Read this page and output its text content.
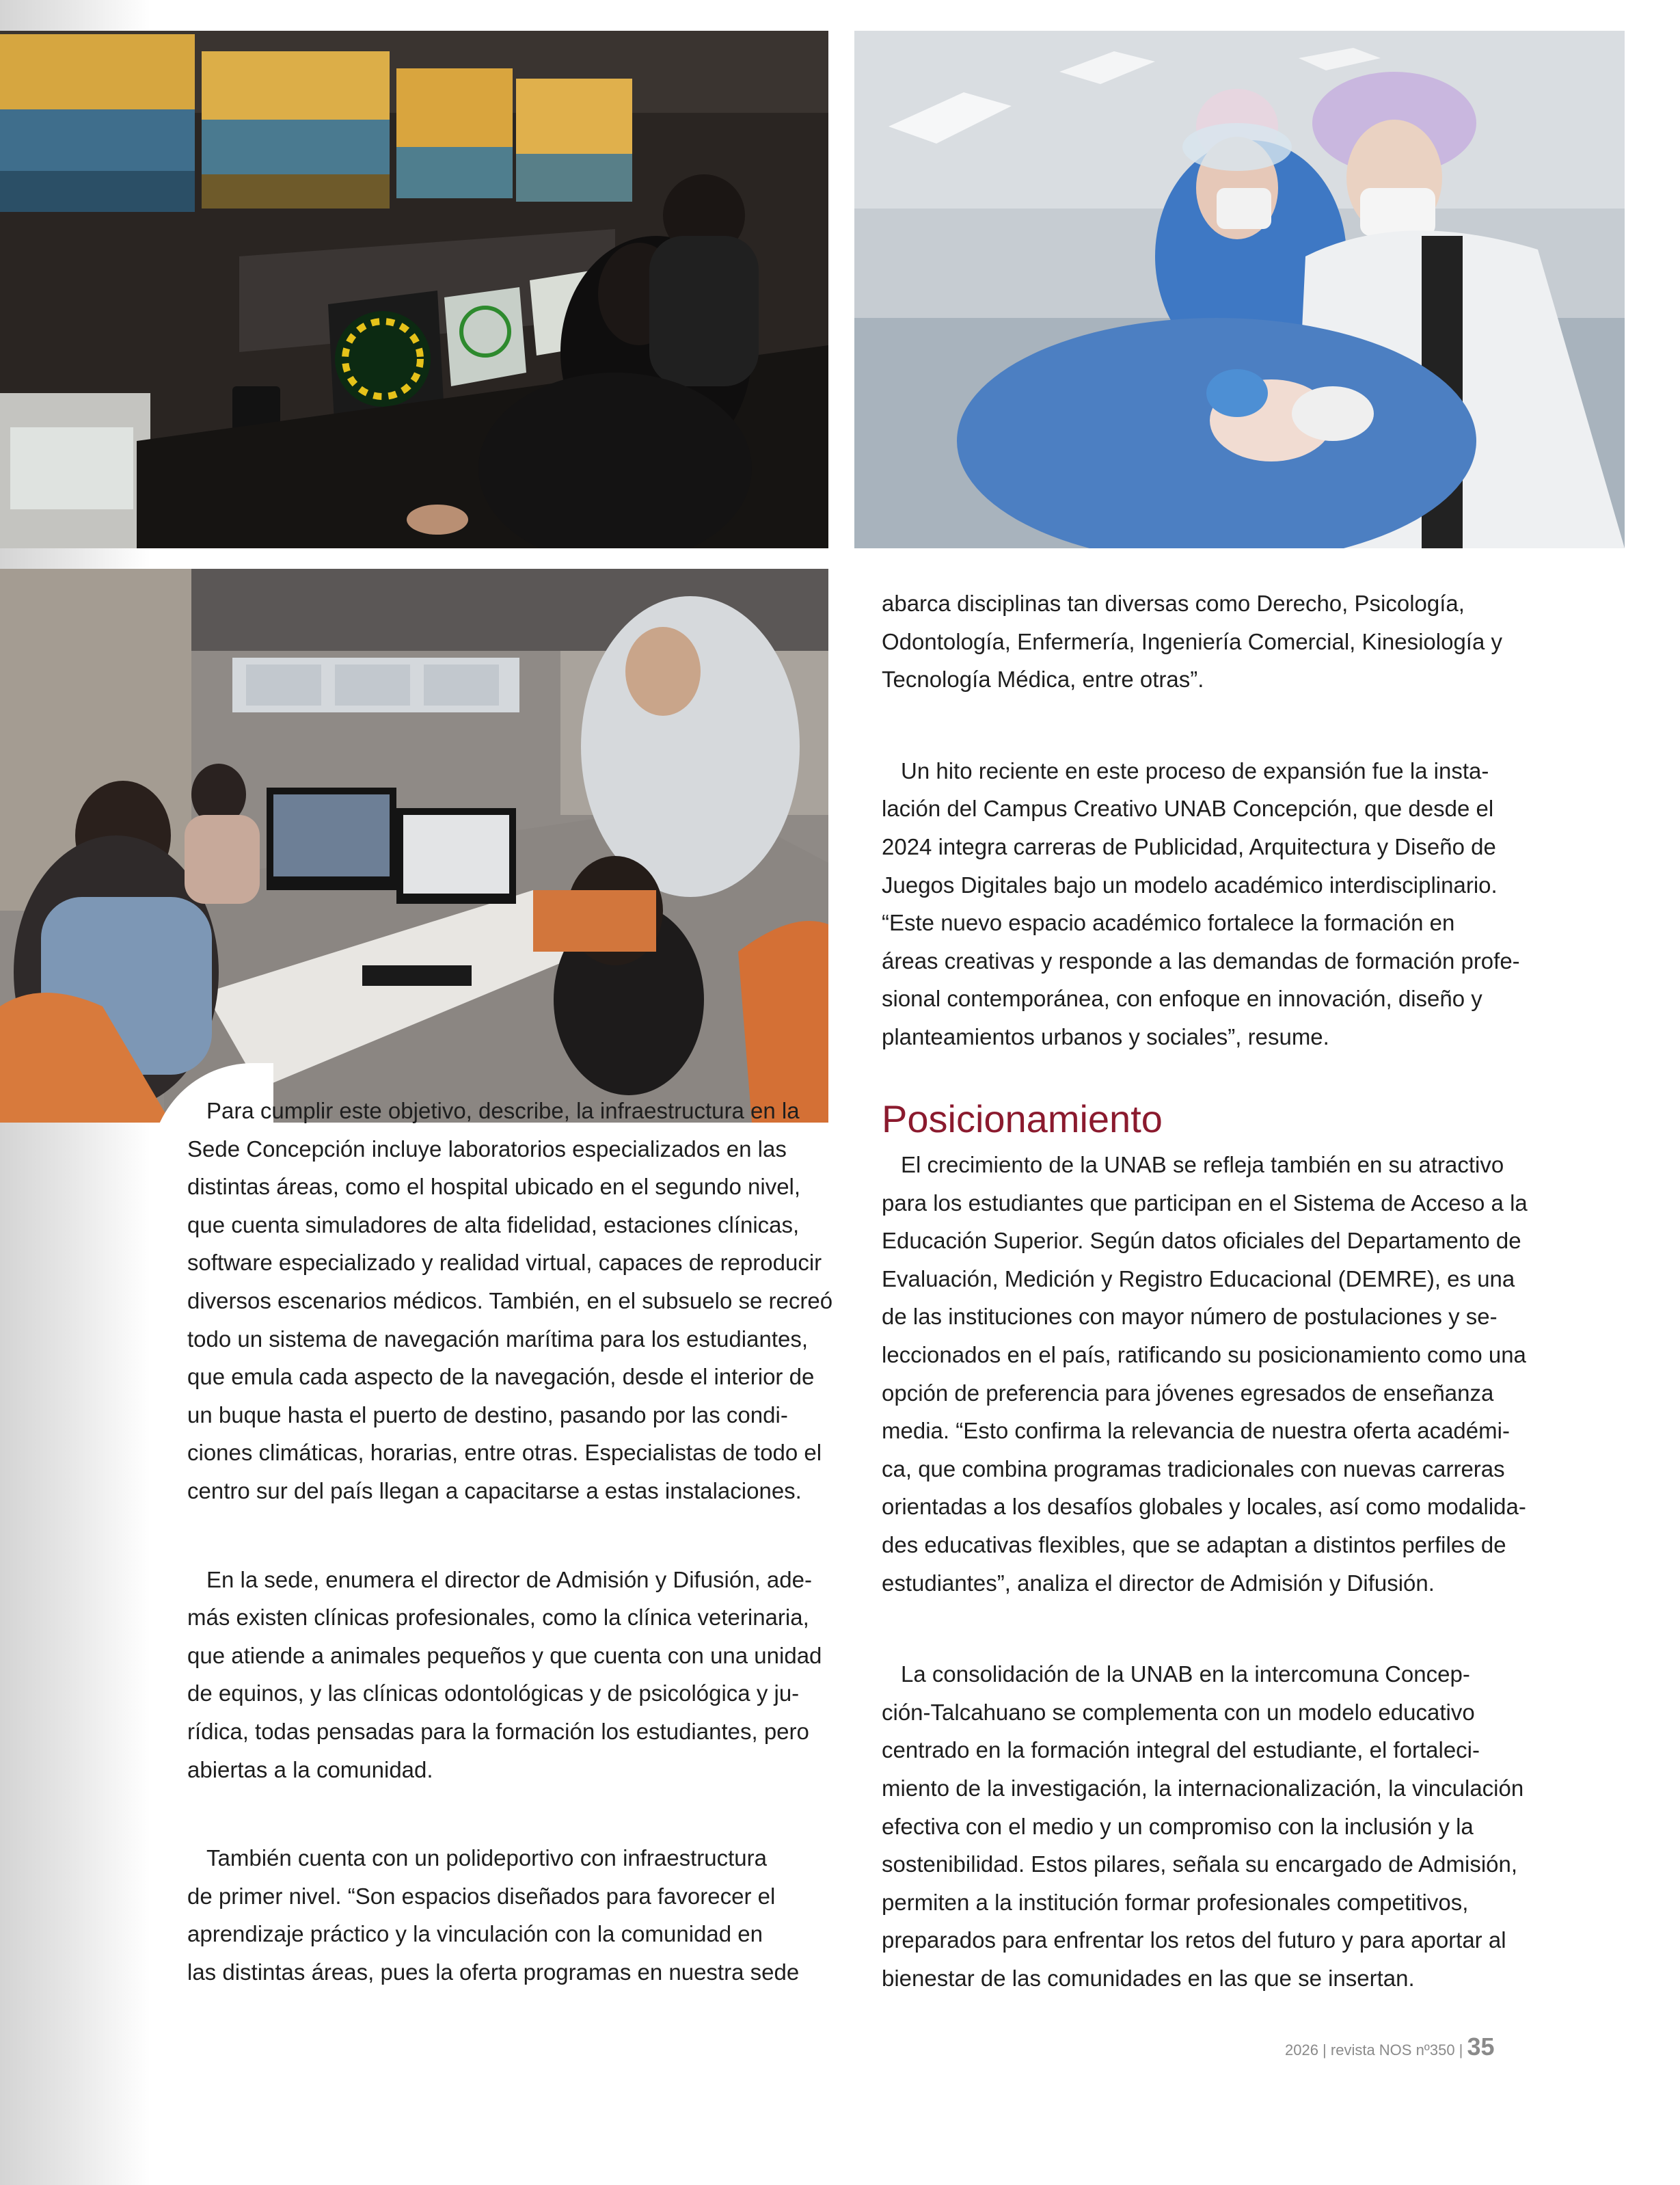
Para cumplir este objetivo, describe, la infraestructura en la

Sede Concepción incluye laboratorios especializados en las

distintas áreas, como el hospital ubicado en el segundo nivel,

que cuenta simuladores de alta fidelidad, estaciones clínicas,

software especializado y realidad virtual, capaces de reproducir

diversos escenarios médicos. También, en el subsuelo se recreó

todo un sistema de navegación marítima para los estudiantes,

que emula cada aspecto de la navegación, desde el interior de

un buque hasta el puerto de destino, pasando por las condi-

ciones climáticas, horarias, entre otras. Especialistas de todo el

centro sur del país llegan a capacitarse a estas instalaciones.

En la sede, enumera el director de Admisión y Difusión, ade-

más existen clínicas profesionales, como la clínica veterinaria,

que atiende a animales pequeños y que cuenta con una unidad

de equinos, y las clínicas odontológicas y de psicológica y ju-

rídica, todas pensadas para la formación los estudiantes, pero

abiertas a la comunidad.

También cuenta con un polideportivo con infraestructura

de primer nivel. “Son espacios diseñados para favorecer el

aprendizaje práctico y la vinculación con la comunidad en

las distintas áreas, pues la oferta programas en nuestra sede

abarca disciplinas tan diversas como Derecho, Psicología,

Odontología, Enfermería, Ingeniería Comercial, Kinesiología y

Tecnología Médica, entre otras”.

Un hito reciente en este proceso de expansión fue la insta-

lación del Campus Creativo UNAB Concepción, que desde el

2024 integra carreras de Publicidad, Arquitectura y Diseño de

Juegos Digitales bajo un modelo académico interdisciplinario.

“Este nuevo espacio académico fortalece la formación en

áreas creativas y responde a las demandas de formación profe-

sional contemporánea, con enfoque en innovación, diseño y

planteamientos urbanos y sociales”, resume.

Posicionamiento

El crecimiento de la UNAB se refleja también en su atractivo

para los estudiantes que participan en el Sistema de Acceso a la

Educación Superior. Según datos oficiales del Departamento de

Evaluación, Medición y Registro Educacional (DEMRE), es una

de las instituciones con mayor número de postulaciones y se-

leccionados en el país, ratificando su posicionamiento como una

opción de preferencia para jóvenes egresados de enseñanza

media. “Esto confirma la relevancia de nuestra oferta académi-

ca, que combina programas tradicionales con nuevas carreras

orientadas a los desafíos globales y locales, así como modalida-

des educativas flexibles, que se adaptan a distintos perfiles de

estudiantes”, analiza el director de Admisión y Difusión.

La consolidación de la UNAB en la intercomuna Concep-

ción-Talcahuano se complementa con un modelo educativo

centrado en la formación integral del estudiante, el fortaleci-

miento de la investigación, la internacionalización, la vinculación

efectiva con el medio y un compromiso con la inclusión y la

sostenibilidad. Estos pilares, señala su encargado de Admisión,

permiten a la institución formar profesionales competitivos,

preparados para enfrentar los retos del futuro y para aportar al

bienestar de las comunidades en las que se insertan.

2026 | revista NOS nº350 | 35
